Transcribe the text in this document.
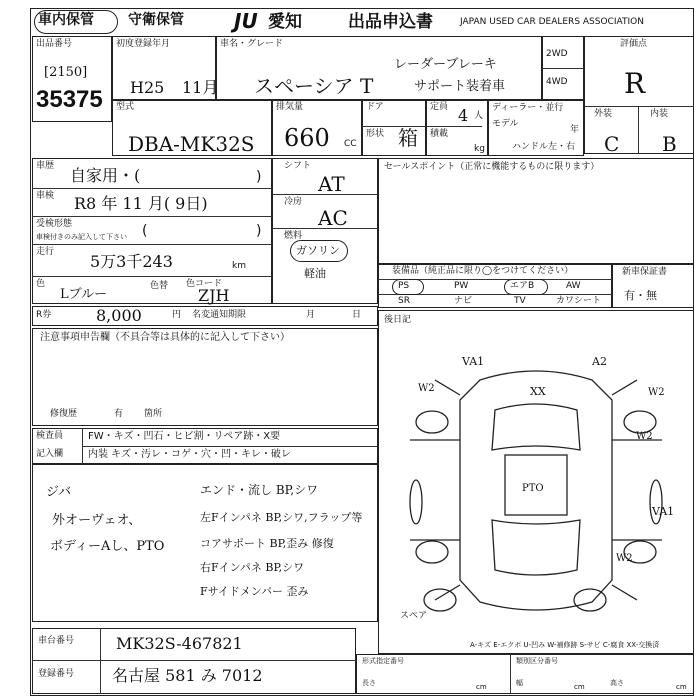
車内保管 守衛保管	JU 愛知	出品申込書	JAPAN USED CAR DEALERS ASSOCIATION
出品番号
[2150]
35375
初度登録年月
H25 11月
車名・グレード
スペーシア T
レーダーブレーキ
サポート装着車
2WD
4WD
評価点
R
外装	内装
C B
型式
DBA-MK32S
排気量
660 CC
ドア
形状 箱
定員 4 人
積載
kg
ディーラー・並行
モデル
年
ハンドル 左・右
車歴 自家用・(	)
車検 R8 年 11 月( 9日)
受検形態
車検付きのみ記入して下さい (	)
走行 5万3千243	km
色
Lブルー
色替 色コード
ZJH
シフト
AT
冷房
AC
燃料
ガソリン
軽油
セールスポイント（正常に機能するものに限ります）
装備品（純正品に限り◯をつけてください）
PS	PW	エアB	AW
SR	ナビ	TV	カワシート
新車保証書
有・無
R券	8,000	円 名変通知期限	月	日
注意事項申告欄（不具合等は具体的に記入して下さい）
修復歴	有 箇所
後日記
VA1	A2
W2	XX	W2
W2
W2
VA1
PTO
スペア
A-キズ E-エクボ U-凹み W-補修跡 S-サビ C-腐食 XX-交換済
検査員
記入欄
FW・キズ・凹石・ヒビ割・リペア跡・X要
内装 キズ・汚レ・コゲ・穴・凹・キレ・破レ
ジバ
外オーヴェオ、
ボディーAし、PTO
エンド・流し BP,シワ
左Fインパネ BP,シワ,フラップ等
コアサポート BP,歪み 修復
右Fインパネ BP,シワ
Fサイドメンバー 歪み
車台番号	MK32S-467821
登録番号 名古屋 581 み 7012
形式指定番号	類別区分番号
長さ	cm	幅	cm	高さ	cm
